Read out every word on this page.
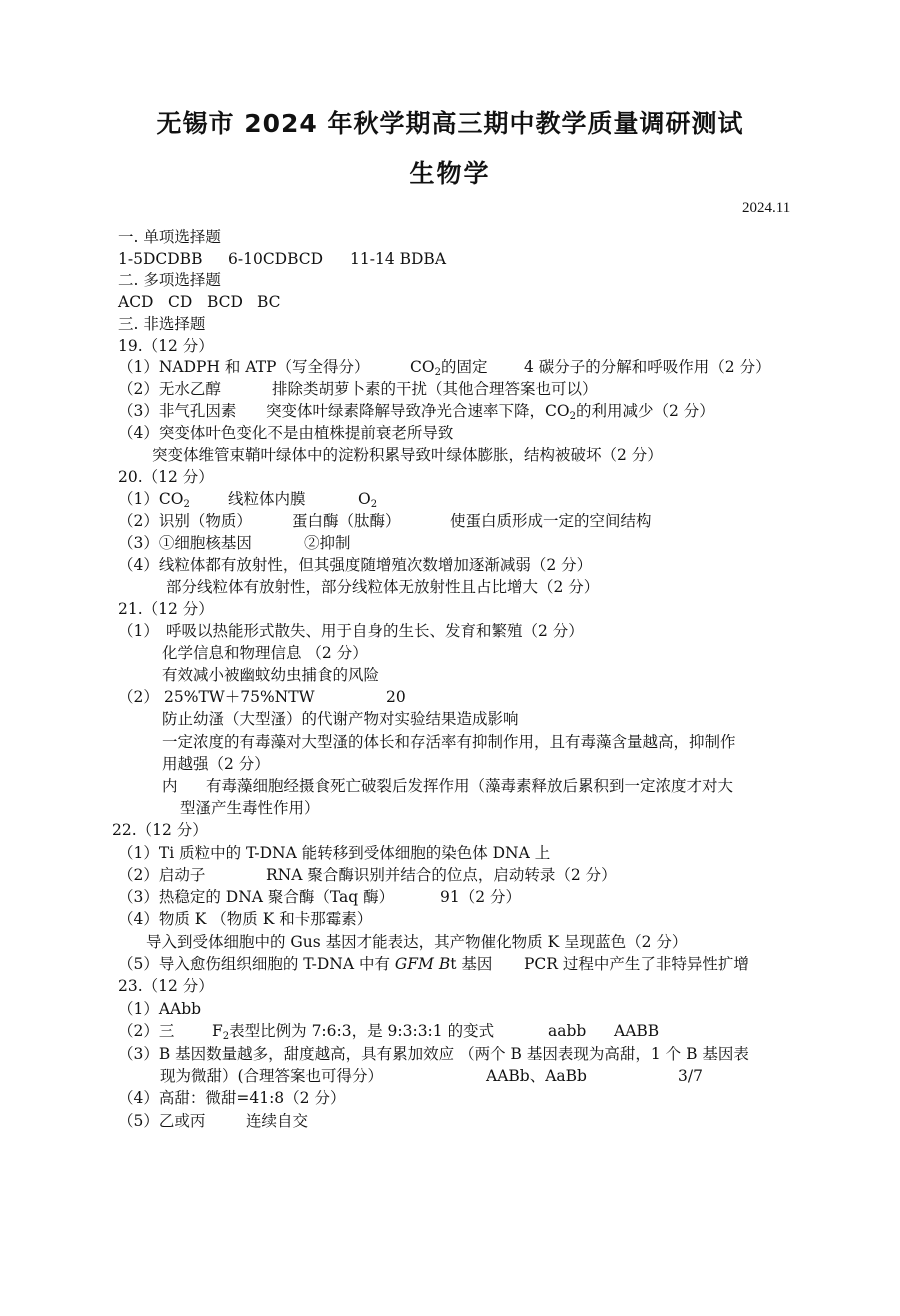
无锡市 2024 年秋学期高三期中教学质量调研测试
生物学
2024.11
一. 单项选择题
1-5DCDBB 6-10CDBCD 11-14 BDBA
二. 多项选择题
ACD CD BCD BC
三. 非选择题
19.（12 分）
（1）NADPH 和 ATP（写全得分）	$CO_2$的固定 4 碳分子的分解和呼吸作用（2 分）
（2）无水乙醇	排除类胡萝卜素的干扰（其他合理答案也可以）
（3）非气孔因素 突变体叶绿素降解导致净光合速率下降，$CO_2$的利用减少（2 分）
（4）突变体叶色变化不是由植株提前衰老所导致
突变体维管束鞘叶绿体中的淀粉积累导致叶绿体膨胀，结构被破坏（2 分）
20.（12 分）
$(1)CO_2$ 线粒体内膜	$O_2$
（2）识别（物质）	蛋白酶（肽酶）	使蛋白质形成一定的空间结构
（3）①细胞核基因	②抑制
（4）线粒体都有放射性，但其强度随增殖次数增加逐渐减弱（2 分）
部分线粒体有放射性，部分线粒体无放射性且占比增大（2 分）
21.（12 分）
（1） 呼吸以热能形式散失、用于自身的生长、发育和繁殖（2 分）
化学信息和物理信息 （2 分）
有效减小被幽蚊幼虫捕食的风险
（2） 25%TW＋75%NTW	20
防止幼溞（大型溞）的代谢产物对实验结果造成影响
一定浓度的有毒藻对大型溞的体长和存活率有抑制作用，且有毒藻含量越高，抑制作
用越强（2 分）
内 有毒藻细胞经摄食死亡破裂后发挥作用（藻毒素释放后累积到一定浓度才对大
型溞产生毒性作用）
22.（12 分）
（1）Ti 质粒中的 T-DNA 能转移到受体细胞的染色体 DNA 上
（2）启动子	RNA 聚合酶识别并结合的位点，启动转录（2 分）
（3）热稳定的 DNA 聚合酶（Taq 酶）	91（2 分）
（4）物质 K （物质 K 和卡那霉素）
导入到受体细胞中的 Gus 基因才能表达，其产物催化物质 K 呈现蓝色（2 分）
（5）导入愈伤组织细胞的 T-DNA 中有 GFM Bt 基因 PCR 过程中产生了非特异性扩增
23.（12 分）
（1）AAbb
（2）三 $F_2$表型比例为 7:6:3，是 9:3:3:1 的变式	aabb AABB
（3）B 基因数量越多，甜度越高，具有累加效应 （两个 B 基因表现为高甜，1 个 B 基因表
现为微甜）(合理答案也可得分）	AABb、AaBb	3/7
（4）高甜：微甜=41:8（2 分）
（5）乙或丙	连续自交
